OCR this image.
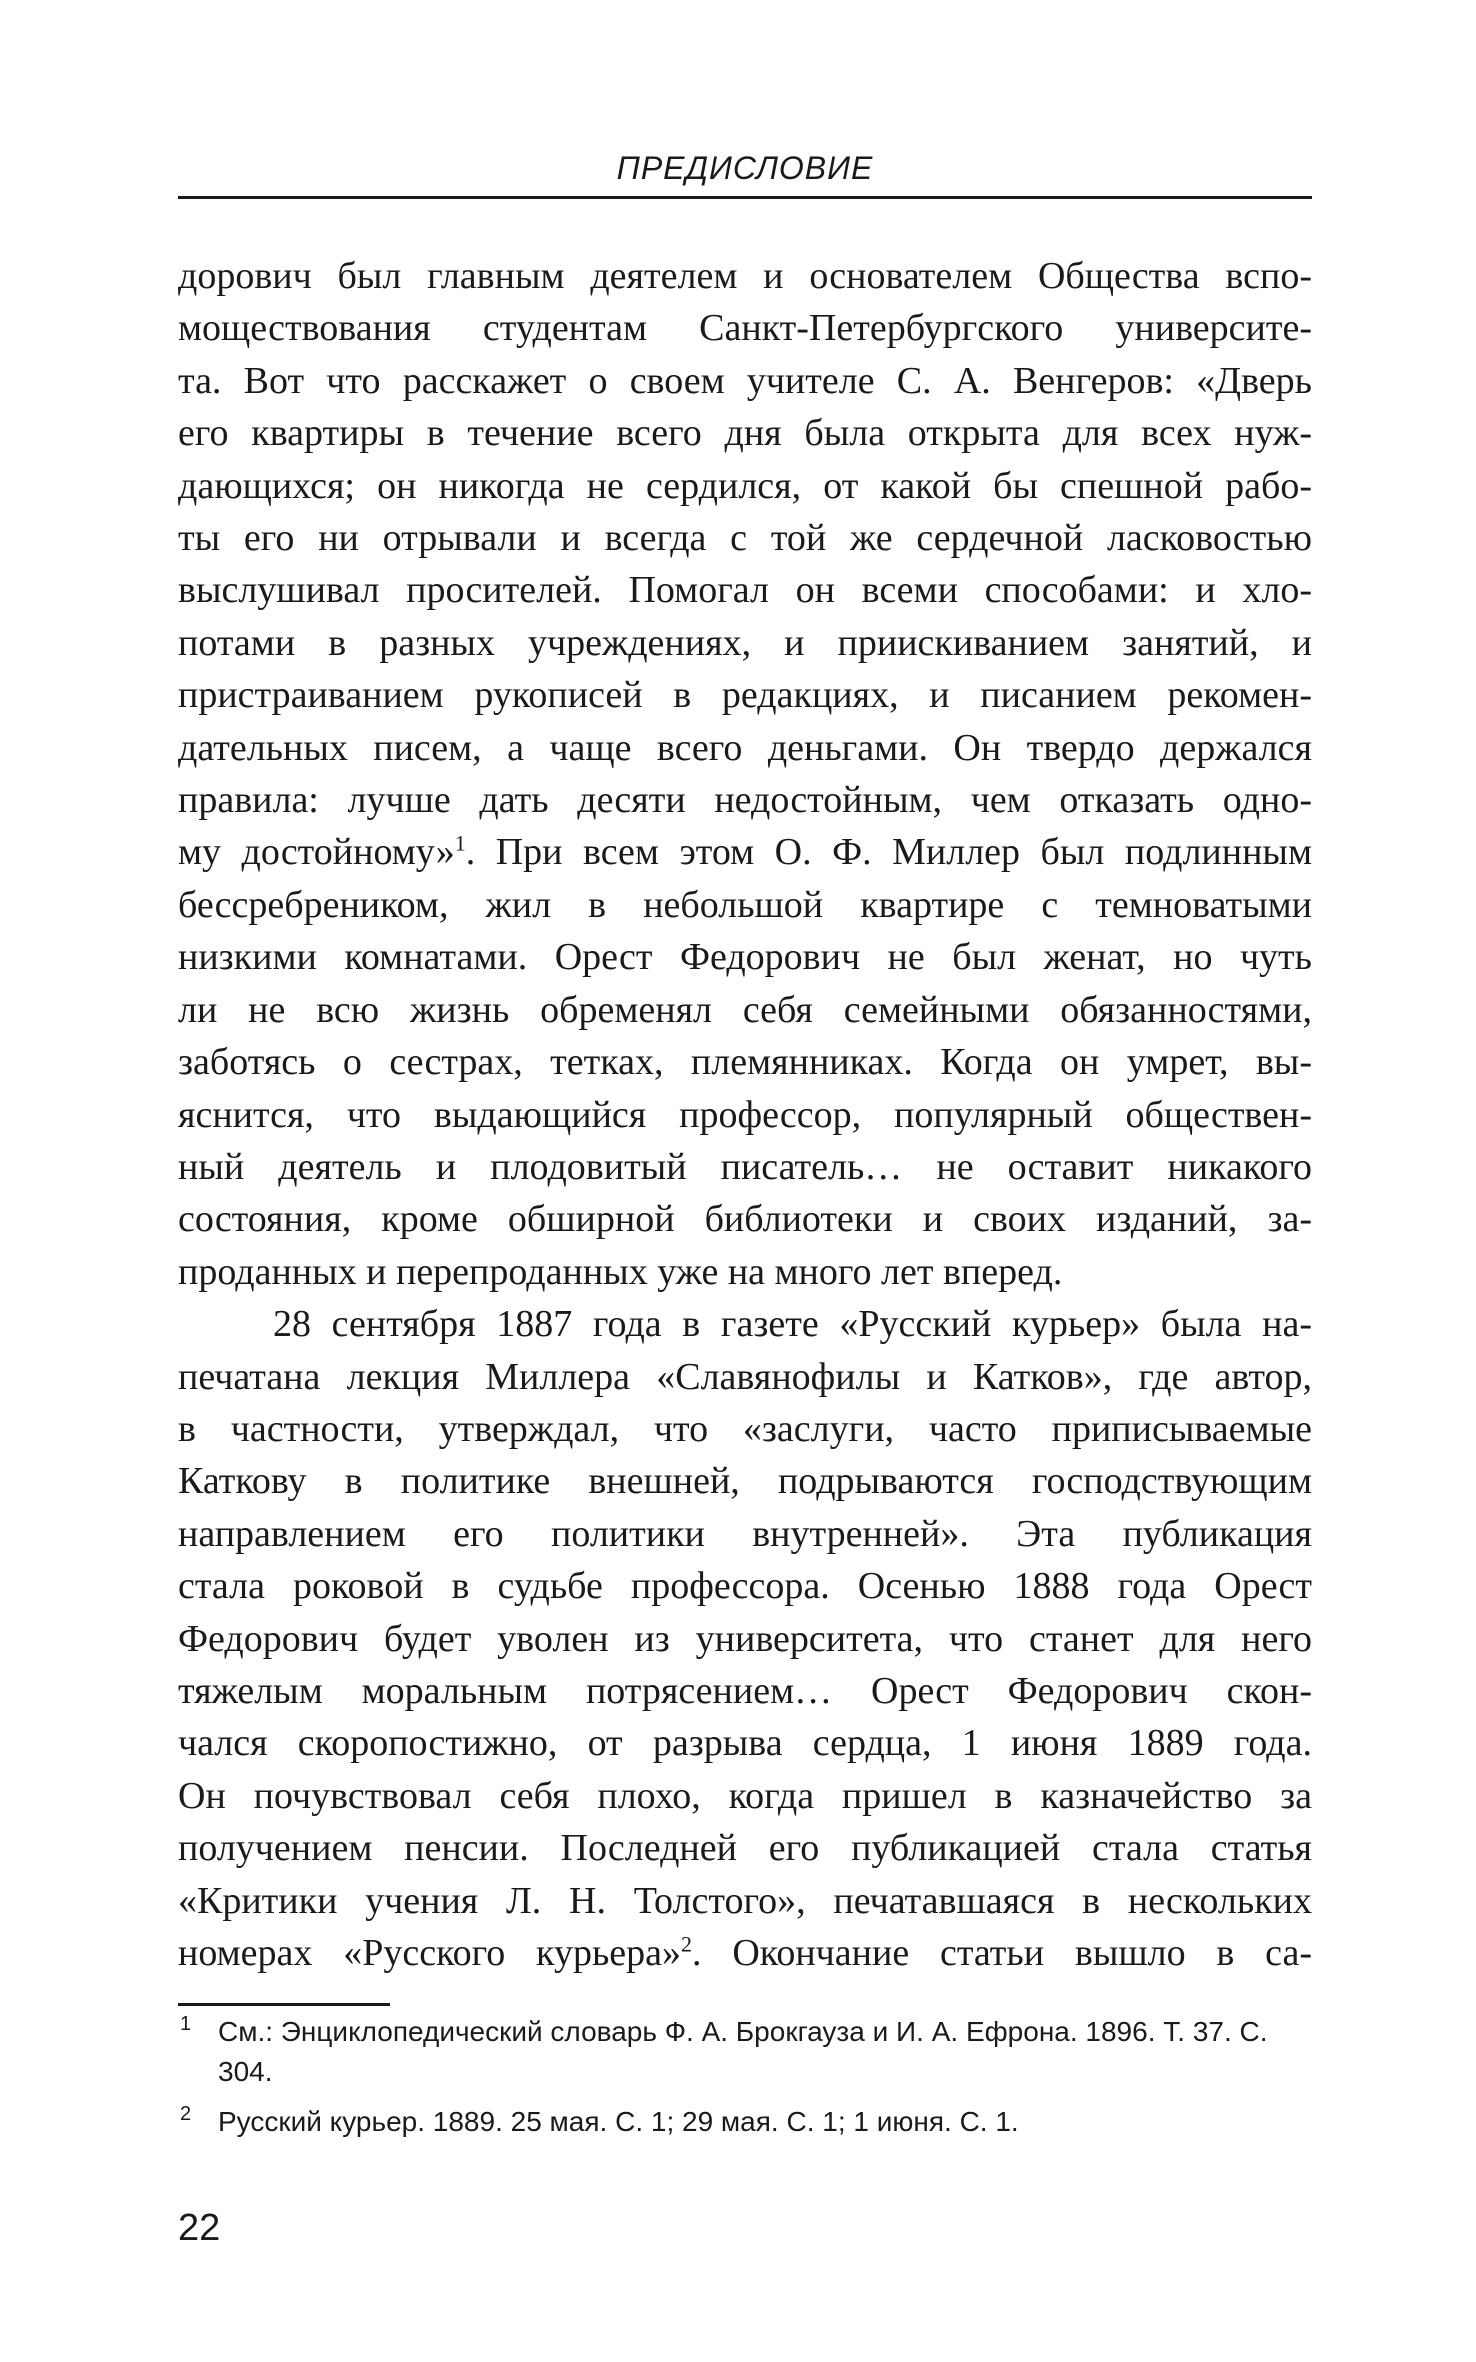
ПРЕДИСЛОВИЕ

дорович был главным деятелем и основателем Общества вспо-
моществования студентам Санкт-Петербургского университе-
та. Вот что расскажет о своем учителе С. А. Венгеров: «Дверь
его квартиры в течение всего дня была открыта для всех нуж-
дающихся; он никогда не сердился, от какой бы спешной рабо-
ты его ни отрывали и всегда с той же сердечной ласковостью
выслушивал просителей. Помогал он всеми способами: и хло-
потами в разных учреждениях, и приискиванием занятий, и
пристраиванием рукописей в редакциях, и писанием рекомен-
дательных писем, а чаще всего деньгами. Он твердо держался
правила: лучше дать десяти недостойным, чем отказать одно-
му достойному»$^1$. При всем этом О. Ф. Миллер был подлинным
бессребреником, жил в небольшой квартире с темноватыми
низкими комнатами. Орест Федорович не был женат, но чуть
ли не всю жизнь обременял себя семейными обязанностями,
заботясь о сестрах, тетках, племянниках. Когда он умрет, вы-
яснится, что выдающийся профессор, популярный обществен-
ный деятель и плодовитый писатель… не оставит никакого
состояния, кроме обширной библиотеки и своих изданий, за-
проданных и перепроданных уже на много лет вперед.

28 сентября 1887 года в газете «Русский курьер» была на-
печатана лекция Миллера «Славянофилы и Катков», где автор,
в частности, утверждал, что «заслуги, часто приписываемые
Каткову в политике внешней, подрываются господствующим
направлением его политики внутренней». Эта публикация
стала роковой в судьбе профессора. Осенью 1888 года Орест
Федорович будет уволен из университета, что станет для него
тяжелым моральным потрясением… Орест Федорович скон-
чался скоропостижно, от разрыва сердца, 1 июня 1889 года.
Он почувствовал себя плохо, когда пришел в казначейство за
получением пенсии. Последней его публикацией стала статья
«Критики учения Л. Н. Толстого», печатавшаяся в нескольких
номерах «Русского курьера»$^2$. Окончание статьи вышло в са-

1 См.: Энциклопедический словарь Ф. А. Брокгауза и И. А. Ефрона. 1896. Т. 37. С. 304.
2 Русский курьер. 1889. 25 мая. С. 1; 29 мая. С. 1; 1 июня. С. 1.
22
